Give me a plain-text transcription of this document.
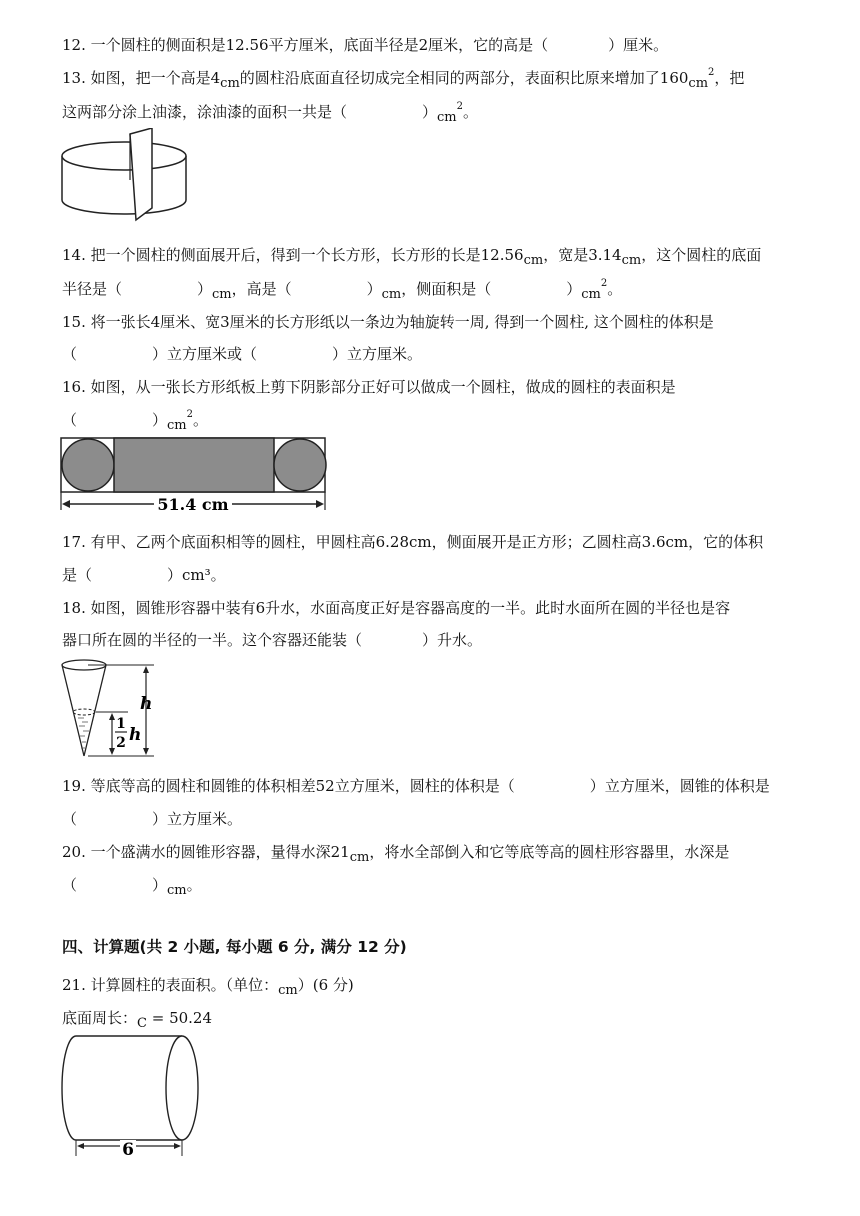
12. 一个圆柱的侧面积是12.56平方厘米，底面半径是2厘米，它的高是（　　　　）厘米。
13. 如图，把一个高是4cm的圆柱沿底面直径切成完全相同的两部分，表面积比原来增加了$160cm^2$，把
这两部分涂上油漆，涂油漆的面积一共是（　　　　　）$cm^2$。
14. 把一个圆柱的侧面展开后，得到一个长方形，长方形的长是12.56cm，宽是3.14cm，这个圆柱的底面
半径是（　　　　　）cm，高是（　　　　　）cm，侧面积是（　　　　　）$cm^2$。
15. 将一张长4厘米、宽3厘米的长方形纸以一条边为轴旋转一周, 得到一个圆柱, 这个圆柱的体积是
（　　　　　）立方厘米或（　　　　　）立方厘米。
16. 如图，从一张长方形纸板上剪下阴影部分正好可以做成一个圆柱，做成的圆柱的表面积是
（　　　　　）$cm^2$。
51.4 cm
17. 有甲、乙两个底面积相等的圆柱，甲圆柱高6.28cm，侧面展开是正方形；乙圆柱高3.6cm，它的体积
是（　　　　　）cm³。
18. 如图，圆锥形容器中装有6升水，水面高度正好是容器高度的一半。此时水面所在圆的半径也是容
器口所在圆的半径的一半。这个容器还能装（　　　　）升水。
h
1
2 h
19. 等底等高的圆柱和圆锥的体积相差52立方厘米，圆柱的体积是（　　　　　）立方厘米，圆锥的体积是
（　　　　　）立方厘米。
20. 一个盛满水的圆锥形容器，量得水深21cm，将水全部倒入和它等底等高的圆柱形容器里，水深是
（　　　　　）cm。
四、计算题(共 2 小题, 每小题 6 分, 满分 12 分)
21. 计算圆柱的表面积。（单位：cm）(6 分)
底面周长：C = 50.24
6
